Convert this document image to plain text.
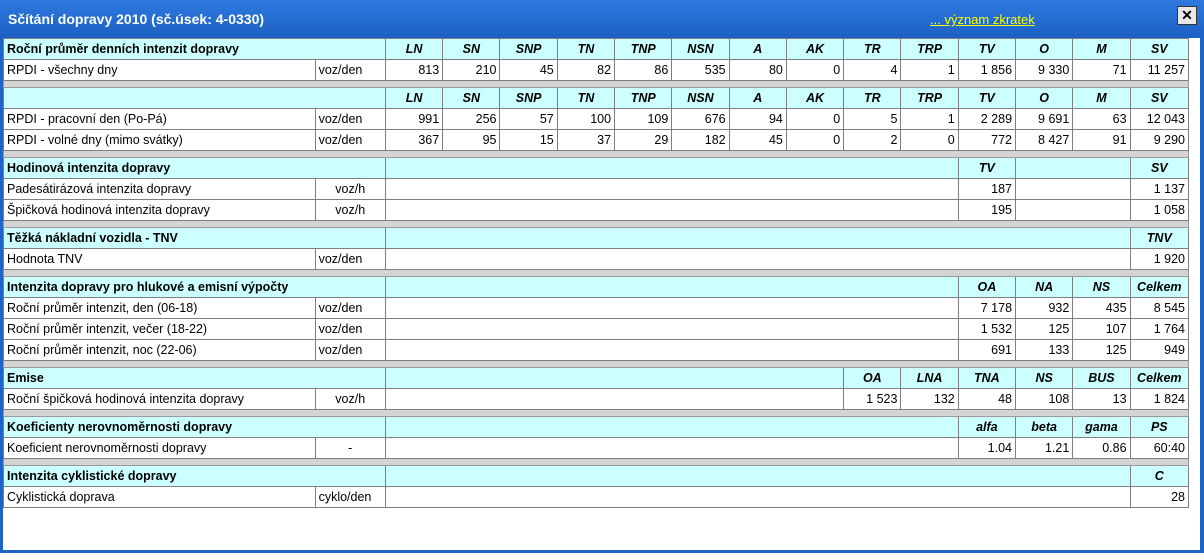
Sčítání dopravy 2010 (sč.úsek: 4-0330)	... význam zkratek	✕
Roční průměr denních intenzit dopravy		LN	SN	SNP	TN	TNP	NSN	A	AK	TR	TRP	TV	O	M	SV
RPDI - všechny dny	voz/den	813	210	45	82	86	535	80	0	4	1	1 856	9 330	71	11 257

		LN	SN	SNP	TN	TNP	NSN	A	AK	TR	TRP	TV	O	M	SV
RPDI - pracovní den (Po-Pá)	voz/den	991	256	57	100	109	676	94	0	5	1	2 289	9 691	63	12 043
RPDI - volné dny (mimo svátky)	voz/den	367	95	15	37	29	182	45	0	2	0	772	8 427	91	9 290

Hodinová intenzita dopravy												TV			SV
Padesátirázová intenzita dopravy	voz/h											187			1 137
Špičková hodinová intenzita dopravy	voz/h											195			1 058

Těžká nákladní vozidla - TNV															TNV
Hodnota TNV	voz/den														1 920

Intenzita dopravy pro hlukové a emisní výpočty												OA	NA	NS	Celkem
Roční průměr intenzit, den (06-18)	voz/den											7 178	932	435	8 545
Roční průměr intenzit, večer (18-22)	voz/den											1 532	125	107	1 764
Roční průměr intenzit, noc (22-06)	voz/den											691	133	125	949

Emise										OA	LNA	TNA	NS	BUS	Celkem
Roční špičková hodinová intenzita dopravy	voz/h									1 523	132	48	108	13	1 824

Koeficienty nerovnoměrnosti dopravy												alfa	beta	gama	PS
Koeficient nerovnoměrnosti dopravy	-											1.04	1.21	0.86	60:40

Intenzita cyklistické dopravy															C
Cyklistická doprava	cyklo/den														28
